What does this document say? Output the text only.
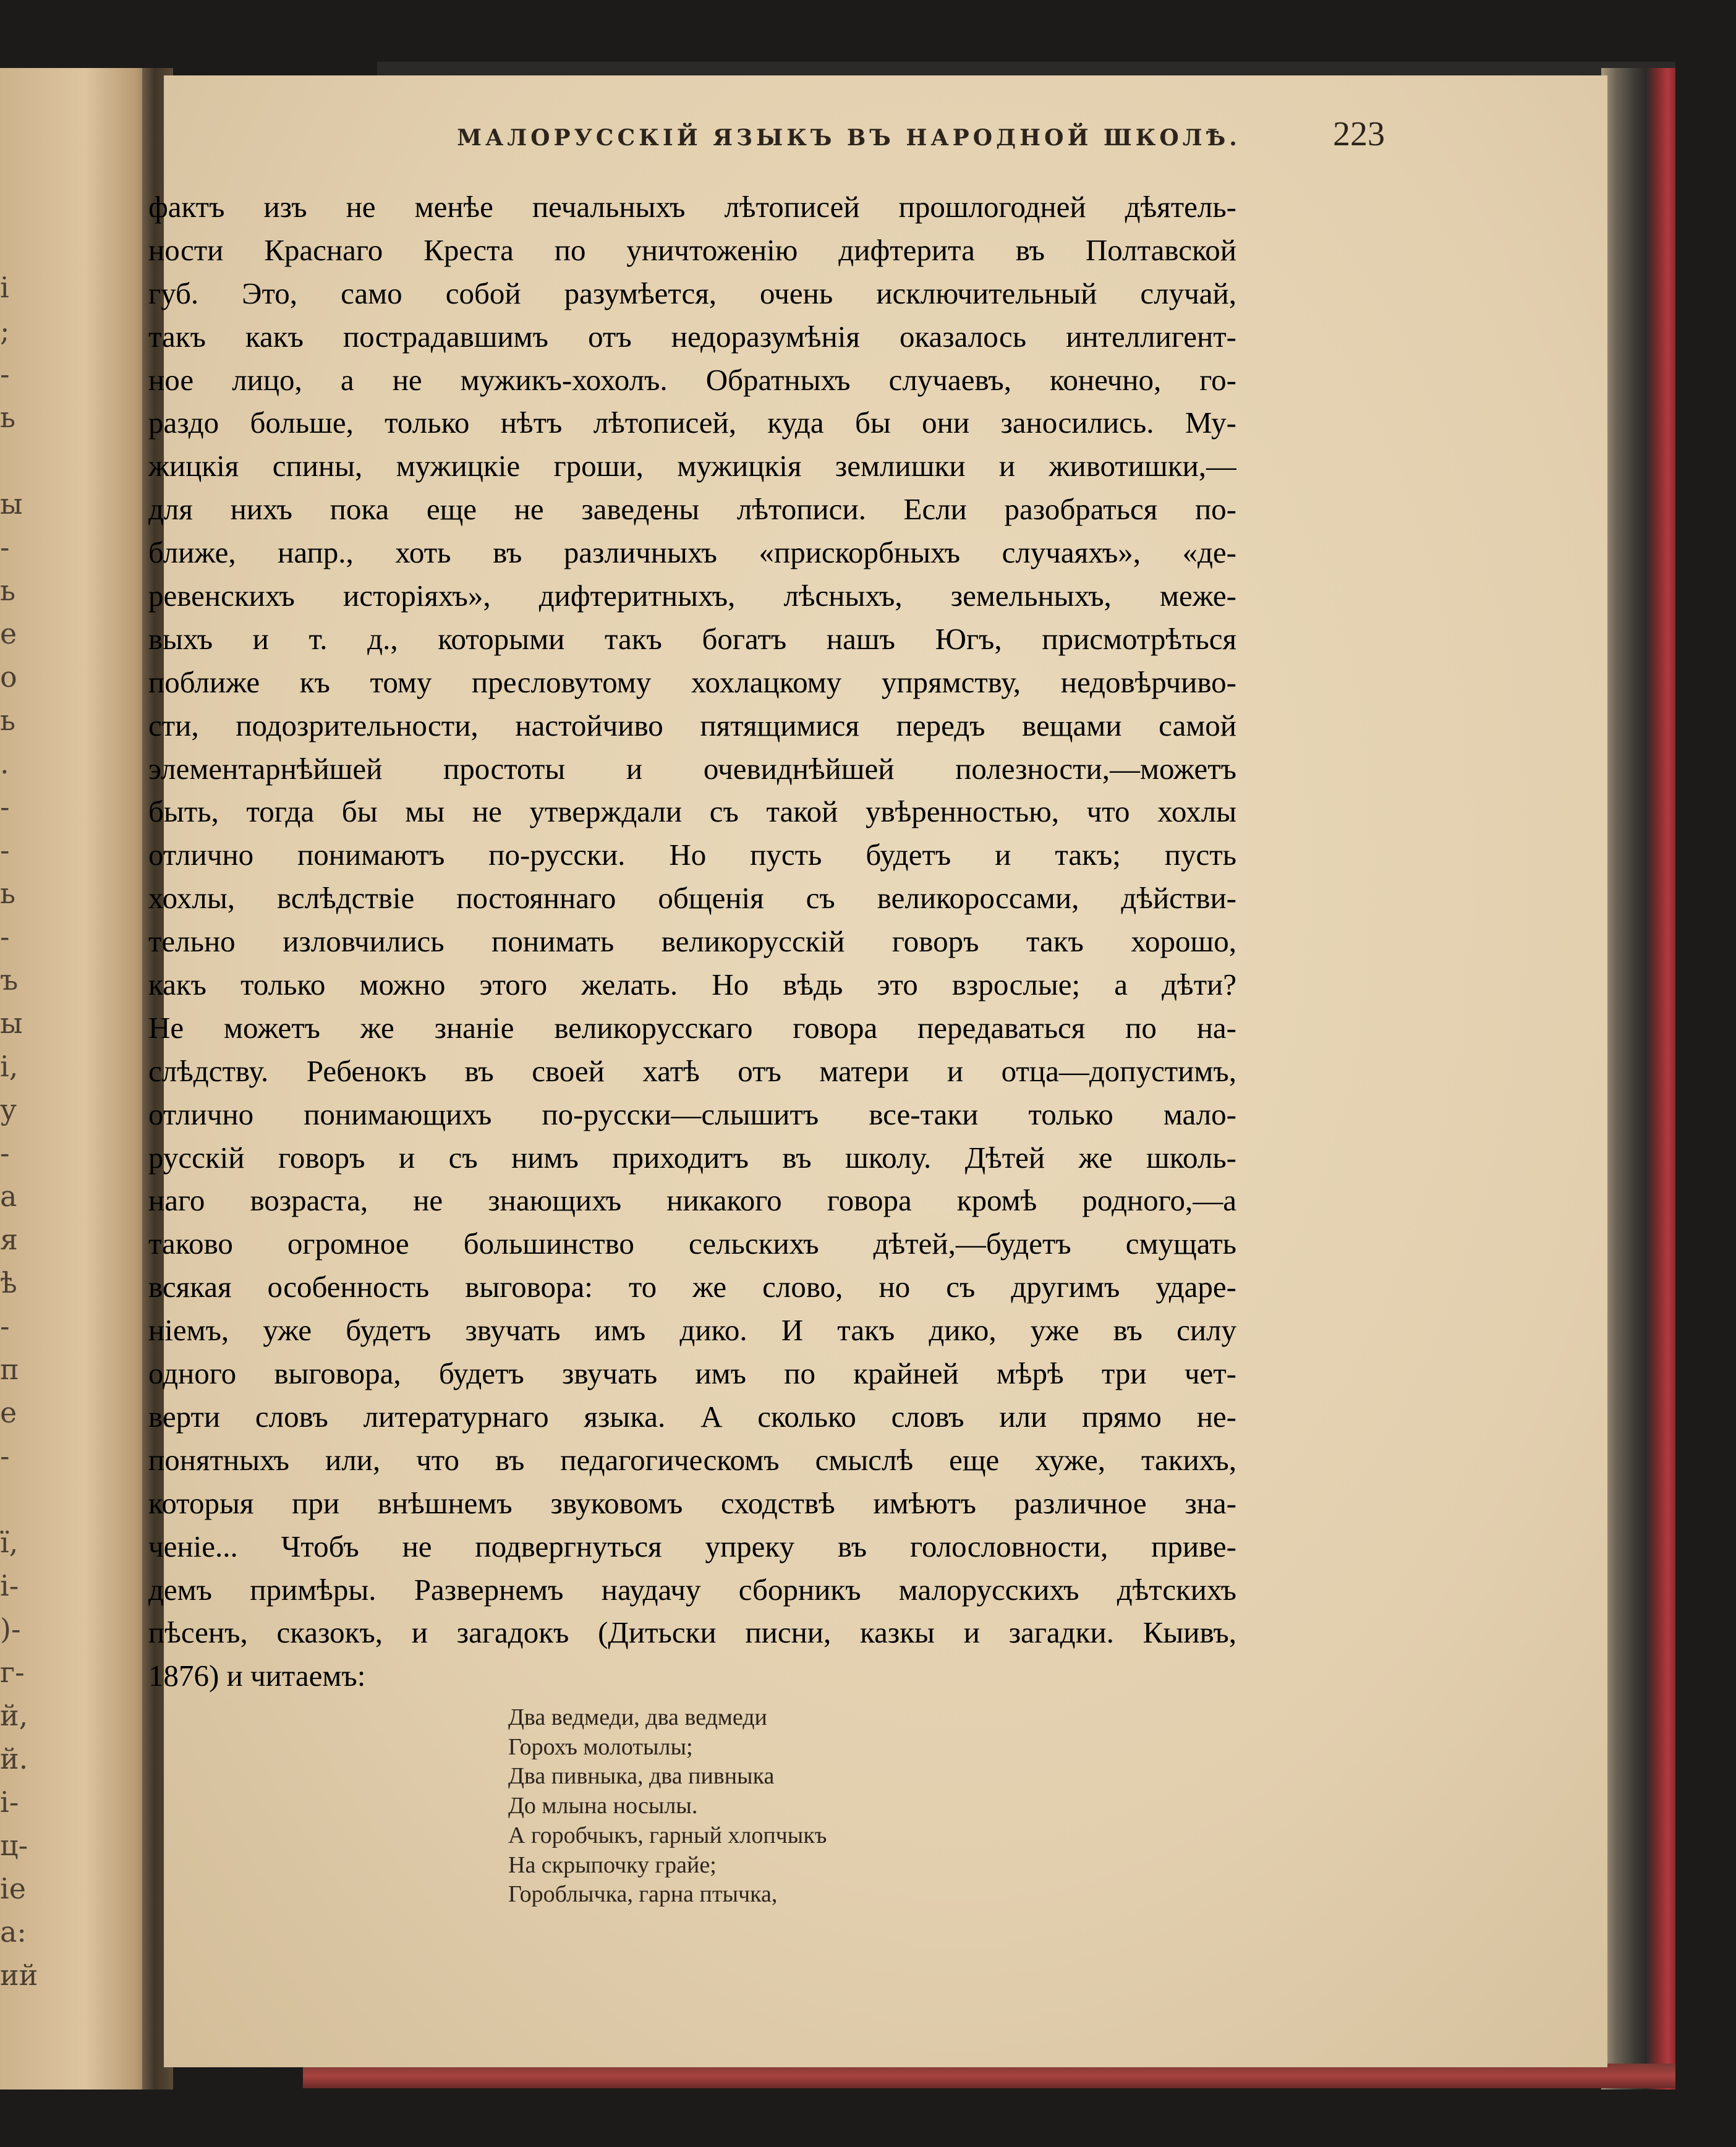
і
;
-
ь

ы
-
ь
е
о
ь
.
-
-
ь
-
ъ
ы
і,
у
-
а
я
ѣ
-
п
е
-

ї,
і-
)-
г-
й,
й.
і-
ц-
іе
а:
ий
МАЛОРУССКІЙ ЯЗЫКЪ ВЪ НАРОДНОЙ ШКОЛѢ.	223
фактъ изъ не менѣе печальныхъ лѣтописей прошлогодней дѣятель-
ности Краснаго Креста по уничтоженію дифтерита въ Полтавской
губ. Это, само собой разумѣется, очень исключительный случай,
такъ какъ пострадавшимъ отъ недоразумѣнія оказалось интеллигент-
ное лицо, а не мужикъ-хохолъ. Обратныхъ случаевъ, конечно, го-
раздо больше, только нѣтъ лѣтописей, куда бы они заносились. Му-
жицкія спины, мужицкіе гроши, мужицкія землишки и животишки,—
для нихъ пока еще не заведены лѣтописи. Если разобраться по-
ближе, напр., хоть въ различныхъ «прискорбныхъ случаяхъ», «де-
ревенскихъ исторіяхъ», дифтеритныхъ, лѣсныхъ, земельныхъ, меже-
выхъ и т. д., которыми такъ богатъ нашъ Югъ, присмотрѣться
поближе къ тому пресловутому хохлацкому упрямству, недовѣрчиво-
сти, подозрительности, настойчиво пятящимися передъ вещами самой
элементарнѣйшей простоты и очевиднѣйшей полезности,—можетъ
быть, тогда бы мы не утверждали съ такой увѣренностью, что хохлы
отлично понимаютъ по-русски. Но пусть будетъ и такъ; пусть
хохлы, вслѣдствіе постояннаго общенія съ великороссами, дѣйстви-
тельно изловчились понимать великорусскій говоръ такъ хорошо,
какъ только можно этого желать. Но вѣдь это взрослые; а дѣти?
Не можетъ же знаніе великорусскаго говора передаваться по на-
слѣдству. Ребенокъ въ своей хатѣ отъ матери и отца—допустимъ,
отлично понимающихъ по-русски—слышитъ все-таки только мало-
русскій говоръ и съ нимъ приходитъ въ школу. Дѣтей же школь-
наго возраста, не знающихъ никакого говора кромѣ родного,—а
таково огромное большинство сельскихъ дѣтей,—будетъ смущать
всякая особенность выговора: то же слово, но съ другимъ ударе-
ніемъ, уже будетъ звучать имъ дико. И такъ дико, уже въ силу
одного выговора, будетъ звучать имъ по крайней мѣрѣ три чет-
верти словъ литературнаго языка. А сколько словъ или прямо не-
понятныхъ или, что въ педагогическомъ смыслѣ еще хуже, такихъ,
которыя при внѣшнемъ звуковомъ сходствѣ имѣютъ различное зна-
ченіе... Чтобъ не подвергнуться упреку въ голословности, приве-
демъ примѣры. Развернемъ наудачу сборникъ малорусскихъ дѣтскихъ
пѣсенъ, сказокъ, и загадокъ (Дитьски писни, казкы и загадки. Кыивъ,
1876) и читаемъ:
Два ведмеди, два ведмеди
Горохъ молотылы;
Два пивныка, два пивныка
До млына носылы.
А горобчыкъ, гарный хлопчыкъ
На скрыпочку грайе;
Гороблычка, гарна птычка,
